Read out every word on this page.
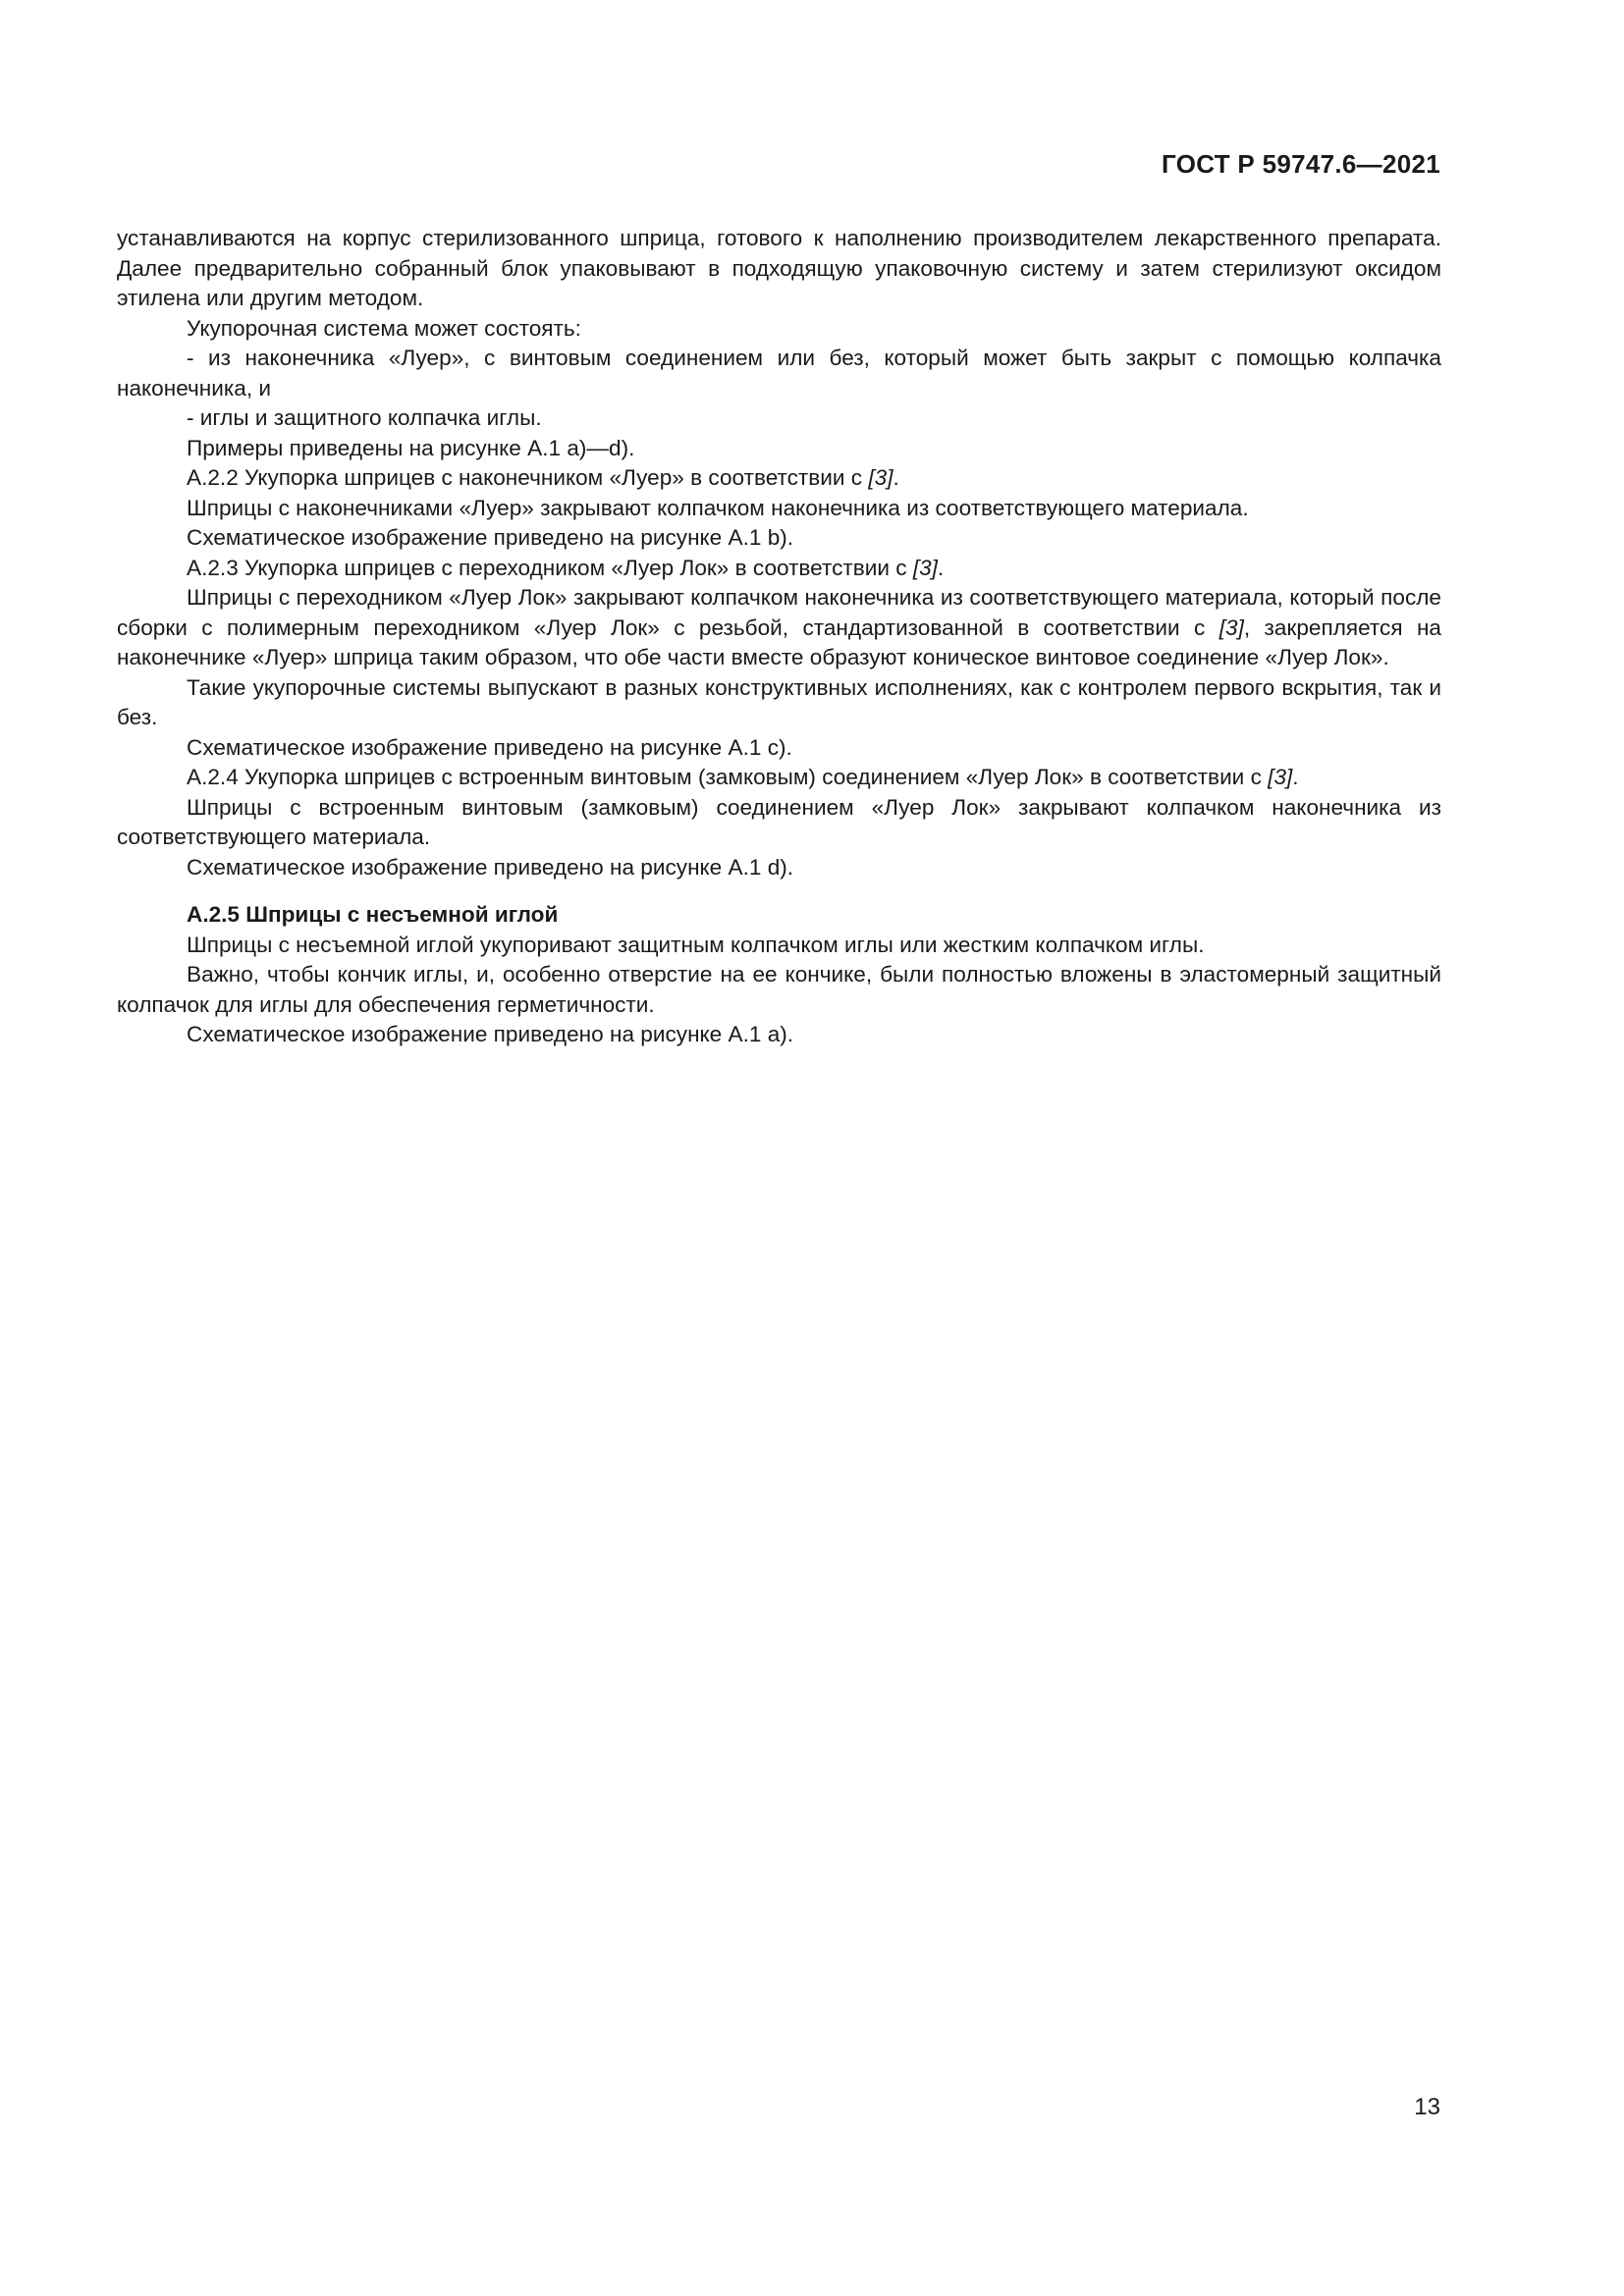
ГОСТ Р 59747.6—2021

устанавливаются на корпус стерилизованного шприца, готового к наполнению производителем лекарственного препарата. Далее предварительно собранный блок упаковывают в подходящую упаковочную систему и затем стерилизуют оксидом этилена или другим методом.

Укупорочная система может состоять:

- из наконечника «Луер», с винтовым соединением или без, который может быть закрыт с помощью колпачка наконечника, и

- иглы и защитного колпачка иглы.

Примеры приведены на рисунке А.1 а)—d).

А.2.2 Укупорка шприцев с наконечником «Луер» в соответствии с [3].

Шприцы с наконечниками «Луер» закрывают колпачком наконечника из соответствующего материала.

Схематическое изображение приведено на рисунке А.1 b).

А.2.3 Укупорка шприцев с переходником «Луер Лок» в соответствии с [3].

Шприцы с переходником «Луер Лок» закрывают колпачком наконечника из соответствующего материала, который после сборки с полимерным переходником «Луер Лок» с резьбой, стандартизованной в соответствии с [3], закрепляется на наконечнике «Луер» шприца таким образом, что обе части вместе образуют коническое винтовое соединение «Луер Лок».

Такие укупорочные системы выпускают в разных конструктивных исполнениях, как с контролем первого вскрытия, так и без.

Схематическое изображение приведено на рисунке А.1 c).

А.2.4 Укупорка шприцев с встроенным винтовым (замковым) соединением «Луер Лок» в соответствии с [3].

Шприцы с встроенным винтовым (замковым) соединением «Луер Лок» закрывают колпачком наконечника из соответствующего материала.

Схематическое изображение приведено на рисунке А.1 d).

А.2.5 Шприцы с несъемной иглой

Шприцы с несъемной иглой укупоривают защитным колпачком иглы или жестким колпачком иглы.

Важно, чтобы кончик иглы, и, особенно отверстие на ее кончике, были полностью вложены в эластомерный защитный колпачок для иглы для обеспечения герметичности.

Схематическое изображение приведено на рисунке А.1 a).

13
